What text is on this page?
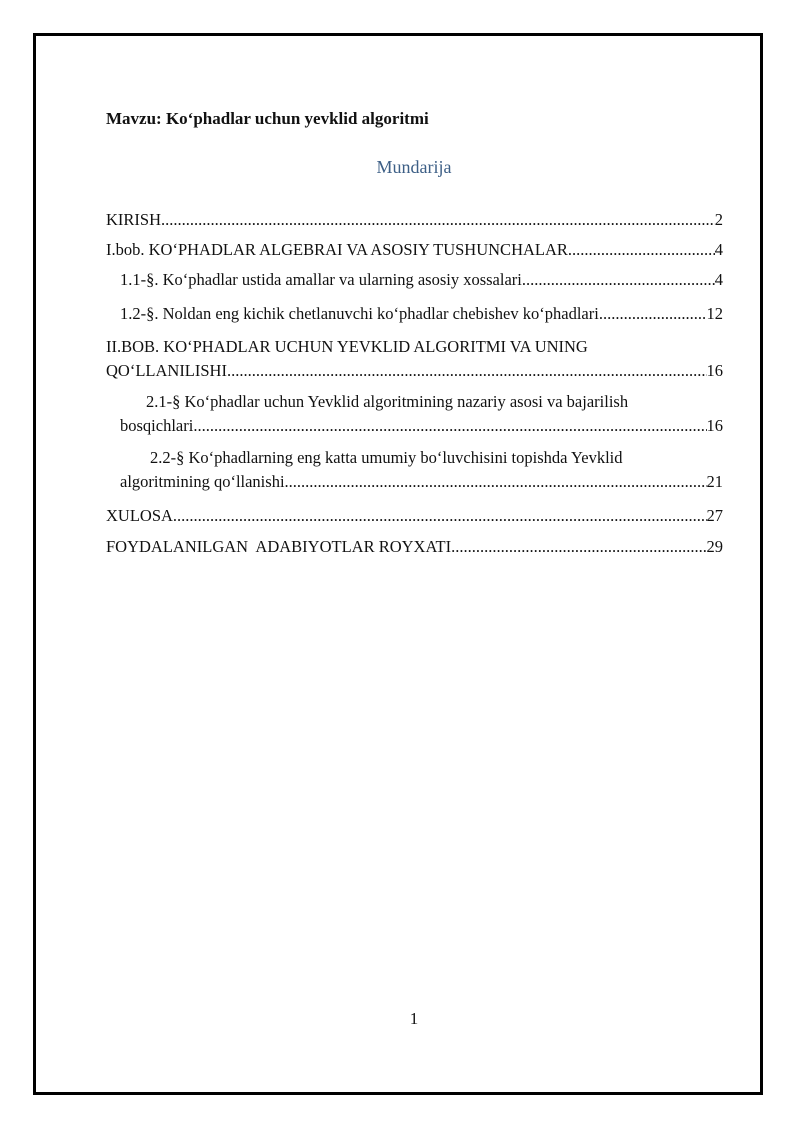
Mavzu: Ko‘phadlar uchun yevklid algoritmi
Mundarija
KIRISH .....	2
I.bob. KO‘PHADLAR ALGEBRAI VA ASOSIY TUSHUNCHALAR .....	4
1.1-§. Ko‘phadlar ustida amallar va ularning asosiy xossalari .....	4
1.2-§. Noldan eng kichik chetlanuvchi ko‘phadlar chebishev ko‘phadlari .....	12
II.BOB. KO‘PHADLAR UCHUN YEVKLID ALGORITMI VA UNING
QO‘LLANILISHI .....	16
2.1-§ Ko‘phadlar uchun Yevklid algoritmining nazariy asosi va bajarilish
bosqichlari .....	16
2.2-§ Ko‘phadlarning eng katta umumiy bo‘luvchisini topishda Yevklid
algoritmining qo‘llanishi .....	21
XULOSA .....	27
FOYDALANILGAN  ADABIYOTLAR ROYXATI .....	29
1
